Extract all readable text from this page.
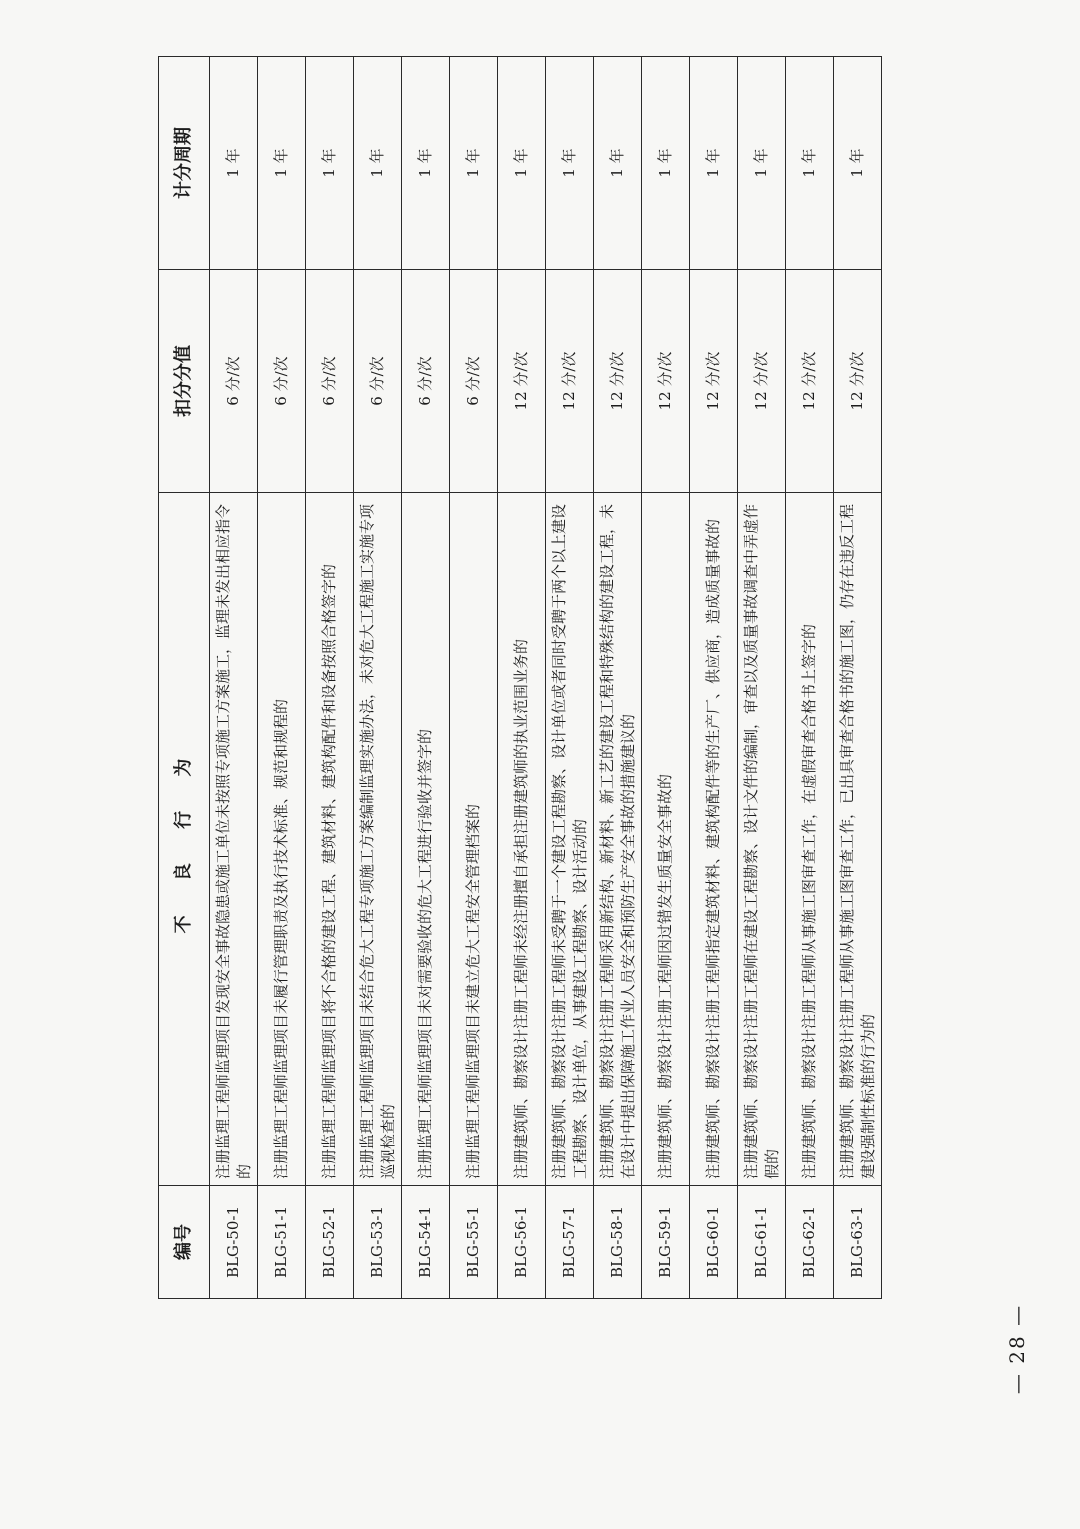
编号	不 良 行 为	扣分分值	计分周期
BLG-50-1	注册监理工程师监理项目发现安全事故隐患或施工单位未按照专项施工方案施工，监理未发出相应指令的	6 分/次	1 年
BLG-51-1	注册监理工程师监理项目未履行管理职责及执行技术标准、规范和规程的	6 分/次	1 年
BLG-52-1	注册监理工程师监理项目将不合格的建设工程、建筑材料、建筑构配件和设备按照合格签字的	6 分/次	1 年
BLG-53-1	注册监理工程师监理项目未结合危大工程专项施工方案编制监理实施办法，未对危大工程施工实施专项巡视检查的	6 分/次	1 年
BLG-54-1	注册监理工程师监理项目未对需要验收的危大工程进行验收并签字的	6 分/次	1 年
BLG-55-1	注册监理工程师监理项目未建立危大工程安全管理档案的	6 分/次	1 年
BLG-56-1	注册建筑师、勘察设计注册工程师未经注册擅自承担注册建筑师的执业范围业务的	12 分/次	1 年
BLG-57-1	注册建筑师、勘察设计注册工程师未受聘于一个建设工程勘察、设计单位或者同时受聘于两个以上建设工程勘察、设计单位，从事建设工程勘察、设计活动的	12 分/次	1 年
BLG-58-1	注册建筑师、勘察设计注册工程师采用新结构、新材料、新工艺的建设工程和特殊结构的建设工程，未在设计中提出保障施工作业人员安全和预防生产安全事故的措施建议的	12 分/次	1 年
BLG-59-1	注册建筑师、勘察设计注册工程师因过错发生质量安全事故的	12 分/次	1 年
BLG-60-1	注册建筑师、勘察设计注册工程师指定建筑材料、建筑构配件等的生产厂、供应商，造成质量事故的	12 分/次	1 年
BLG-61-1	注册建筑师、勘察设计注册工程师在建设工程勘察、设计文件的编制，审查以及质量事故调查中弄虚作假的	12 分/次	1 年
BLG-62-1	注册建筑师、勘察设计注册工程师从事施工图审查工作，在虚假审查合格书上签字的	12 分/次	1 年
BLG-63-1	注册建筑师、勘察设计注册工程师从事施工图审查工作，已出具审查合格书的施工图，仍存在违反工程建设强制性标准的行为的	12 分/次	1 年
— 28 —
